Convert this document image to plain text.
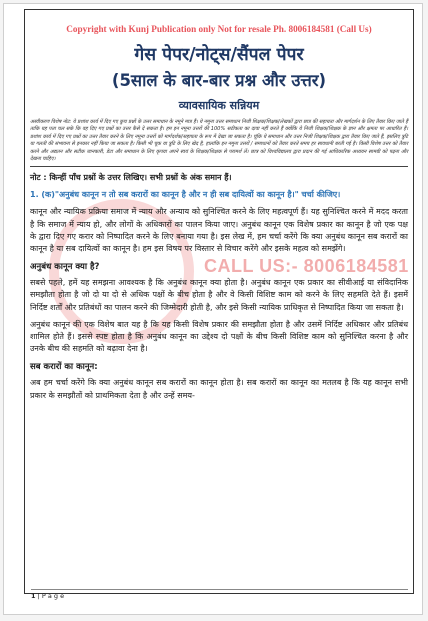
CALL US:- 8006184581
Copyright with Kunj Publication only Not for resale Ph. 8006184581 (Call Us)
गेस पेपर/नोट्स/सैंपल पेपर
(5साल के बार-बार प्रश्न और उत्तर)
व्यावसायिक सन्नियम
अस्वीकरण विशेष नोट: ये प्रशांश कार्य में दिए गए कुच प्रश्नों के उत्तर समाधान के नमूने मात्र हैं। ये नमूना उत्तर समाधान निजी शिक्षक/शिक्षक/लेखकों द्वारा छात्र की सहायता और मार्गदर्शन के लिए तैयार किए जाते हैं ताकि यह पता चल सके कि वह दिए गए प्रश्नों का उत्तर कैसे दे सकता है। हम इन नमूना उत्तरों की 100% सटीकता का दावा नहीं करते हैं क्योंकि ये निजी शिक्षक/शिक्षक के ज्ञान और क्षमता पर आधारित हैं। प्रशांश कार्य में दिए गए प्रश्नों का उत्तर तैयार करने के लिए नमूना उत्तरों को मार्गदर्शक/सहायता के रूप में देखा जा सकता है। चूंकि ये समाधान और उत्तर निजी शिक्षक/शिक्षक द्वारा तैयार किए जाते हैं, इसलिए त्रुटि या गलती की संभावना से इनकार नहीं किया जा सकता है। किसी भी चूक या त्रुटि के लिए खेद है, हालांकि इन नमूना उत्तरों / समाधानों को तैयार करते समय हर सावधानी बरती गई है। किसी विशेष उत्तर को तैयार करने और अद्यतन और सटीक जानकारी, डेटा और समाधान के लिए कृपया अपने स्वयं के शिक्षक/शिक्षक से परामर्श लें। छात्र को विश्वविद्यालय द्वारा प्रदान की गई आधिकारिक अध्ययन सामग्री को पढ़ना और देखना चाहिए।
नोट : किन्हीं पाँच प्रश्नों के उत्तर लिखिए। सभी प्रश्नों के अंक समान हैं।
1. (क)"अनुबंध कानून न तो सब करारों का कानून है और न ही सब दायित्वों का कानून है।" चर्चा कीजिए।
कानून और न्यायिक प्रक्रिया समाज में न्याय और अन्याय को सुनिश्चित करने के लिए महत्वपूर्ण हैं। यह सुनिश्चित करने में मदद करता है कि समाज में न्याय हो, और लोगों के अधिकारों का पालन किया जाए। अनुबंध कानून एक विशेष प्रकार का कानून है जो एक पक्ष के द्वारा दिए गए करार को निष्पादित करने के लिए बनाया गया है। इस लेख में, हम चर्चा करेंगे कि क्या अनुबंध कानून सब करारों का कानून है या सब दायित्वों का कानून है। हम इस विषय पर विस्तार से विचार करेंगे और इसके महत्व को समझेंगे।
अनुबंध कानून क्या है?
सबसे पहले, हमें यह समझना आवश्यक है कि अनुबंध कानून क्या होता है। अनुबंध कानून एक प्रकार का सीवीआई या संविदानिक समझौता होता है जो दो या दो से अधिक पक्षों के बीच होता है और वे किसी विशिष्ट काम को करने के लिए सहमति देते हैं। इसमें निर्दिष्ट शर्तों और प्रतिबंधों का पालन करने की जिम्मेदारी होती है, और इसे किसी न्यायिक प्राधिकृत से निष्पादित किया जा सकता है।
अनुबंध कानून की एक विशेष बात यह है कि यह किसी विशेष प्रकार की समझौता होता है और उसमें निर्दिष्ट अधिकार और प्रतिबंध शामिल होते हैं। इससे स्पष्ट होता है कि अनुबंध कानून का उद्देश्य दो पक्षों के बीच किसी विशिष्ट काम को सुनिश्चित करना है और उनके बीच की सहमति को बढ़ावा देना है।
सब करारों का कानून:
अब हम चर्चा करेंगे कि क्या अनुबंध कानून सब करारों का कानून होता है। सब करारों का कानून का मतलब है कि यह कानून सभी प्रकार के समझौतों को प्राथमिकता देता है और उन्हें समय-
1 | P a g e
